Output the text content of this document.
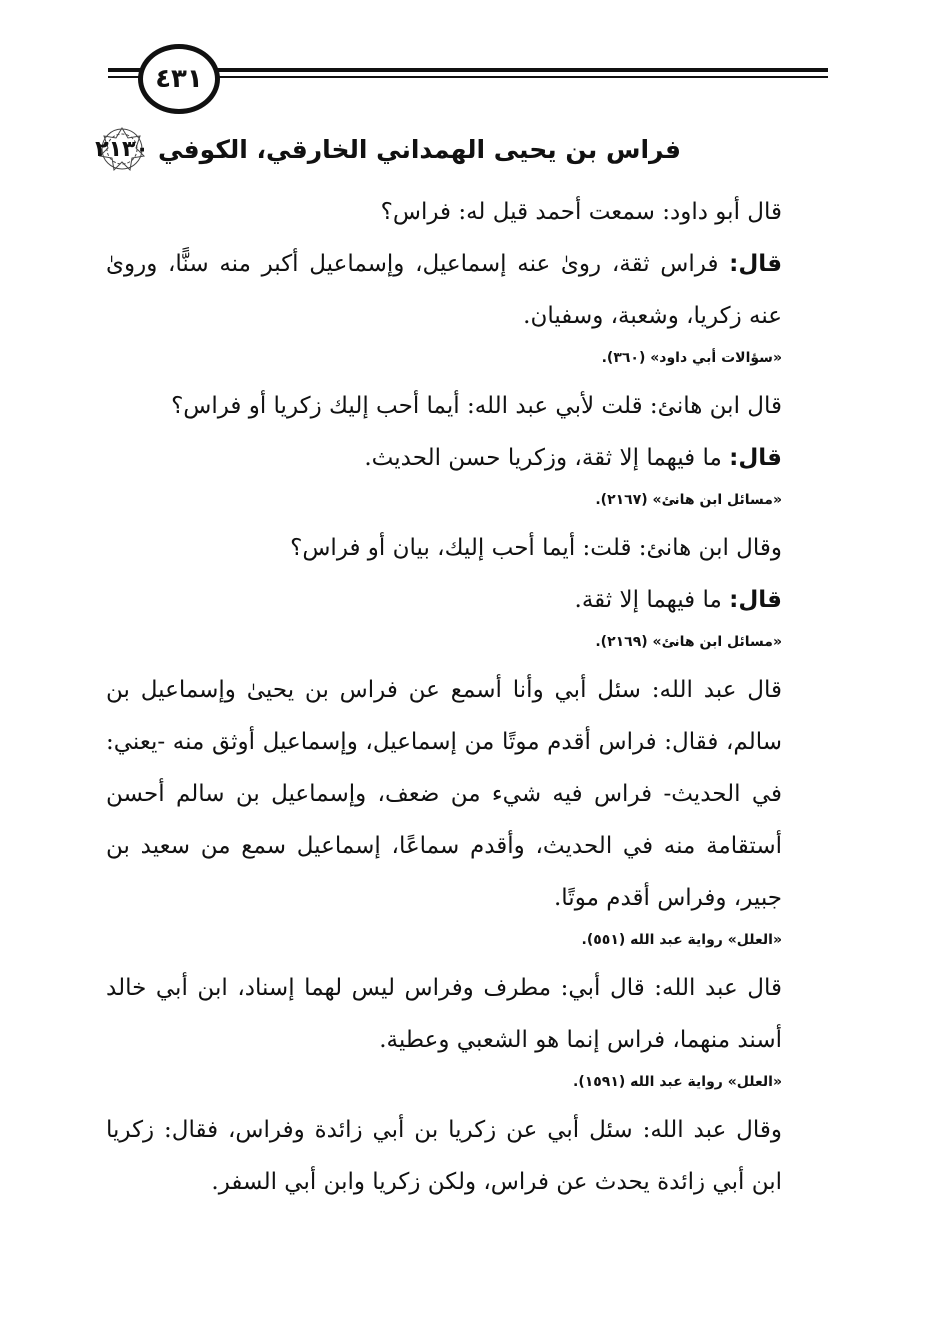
٤٣١
٢١٣٠ فراس بن يحيى الهمداني الخارقي، الكوفي

قال أبو داود: سمعت أحمد قيل له: فراس؟

قال: فراس ثقة، روىٰ عنه إسماعيل، وإسماعيل أكبر منه سنًّا، وروىٰ عنه زكريا، وشعبة، وسفيان.

«سؤالات أبي داود» (٣٦٠).

قال ابن هانئ: قلت لأبي عبد الله: أيما أحب إليك زكريا أو فراس؟

قال: ما فيهما إلا ثقة، وزكريا حسن الحديث.

«مسائل ابن هانئ» (٢١٦٧).

وقال ابن هانئ: قلت: أيما أحب إليك، بيان أو فراس؟

قال: ما فيهما إلا ثقة.

«مسائل ابن هانئ» (٢١٦٩).

قال عبد الله: سئل أبي وأنا أسمع عن فراس بن يحيىٰ وإسماعيل بن سالم، فقال: فراس أقدم موتًا من إسماعيل، وإسماعيل أوثق منه -يعني: في الحديث- فراس فيه شيء من ضعف، وإسماعيل بن سالم أحسن أستقامة منه في الحديث، وأقدم سماعًا، إسماعيل سمع من سعيد بن جبير، وفراس أقدم موتًا.

«العلل» رواية عبد الله (٥٥١).

قال عبد الله: قال أبي: مطرف وفراس ليس لهما إسناد، ابن أبي خالد أسند منهما، فراس إنما هو الشعبي وعطية.

«العلل» رواية عبد الله (١٥٩١).

وقال عبد الله: سئل أبي عن زكريا بن أبي زائدة وفراس، فقال: زكريا ابن أبي زائدة يحدث عن فراس، ولكن زكريا وابن أبي السفر.
